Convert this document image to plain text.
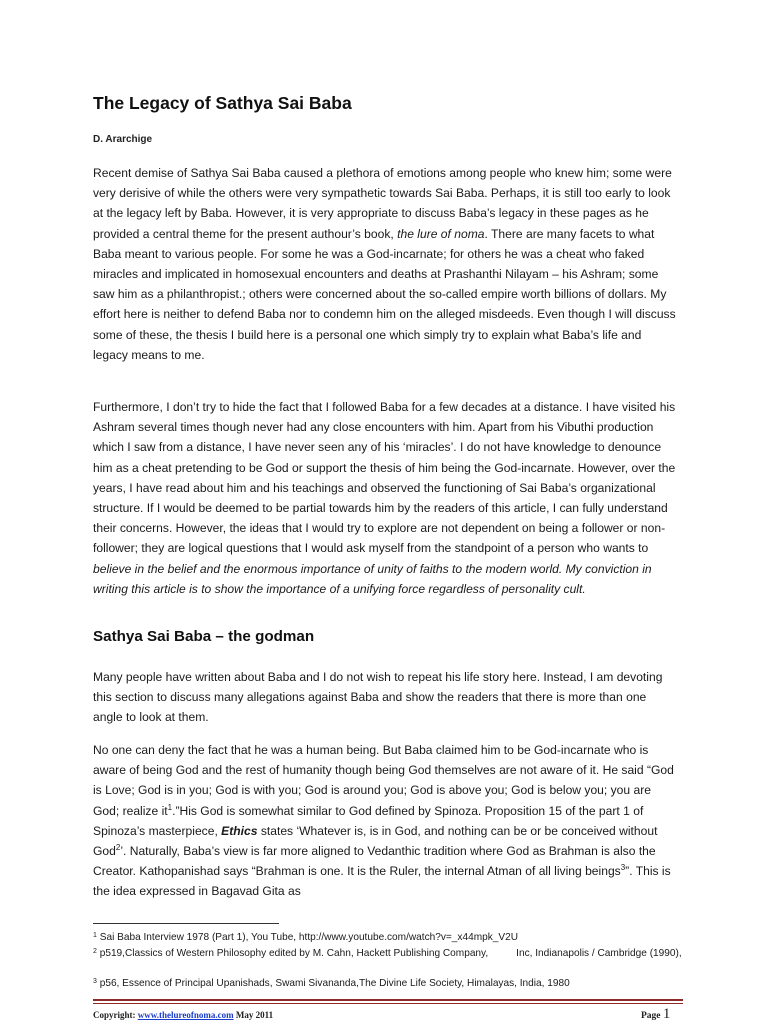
The Legacy of Sathya Sai Baba
D. Ararchige

Recent demise of Sathya Sai Baba caused a plethora of emotions among people who knew him; some were very derisive of while the others were very sympathetic towards Sai Baba. Perhaps, it is still too early to look at the legacy left by Baba. However, it is very appropriate to discuss Baba’s legacy in these pages as he provided a central theme for the present authour’s book, the lure of noma. There are many facets to what Baba meant to various people. For some he was a God-incarnate; for others he was a cheat who faked miracles and implicated in homosexual encounters and deaths at Prashanthi Nilayam – his Ashram; some saw him as a philanthropist.; others were concerned about the so-called empire worth billions of dollars. My effort here is neither to defend Baba nor to condemn him on the alleged misdeeds. Even though I will discuss some of these, the thesis I build here is a personal one which simply try to explain what Baba’s life and legacy means to me.

Furthermore, I don’t try to hide the fact that I followed Baba for a few decades at a distance. I have visited his Ashram several times though never had any close encounters with him. Apart from his Vibuthi production which I saw from a distance, I have never seen any of his ‘miracles’. I do not have knowledge to denounce him as a cheat pretending to be God or support the thesis of him being the God-incarnate. However, over the years, I have read about him and his teachings and observed the functioning of Sai Baba’s organizational structure. If I would be deemed to be partial towards him by the readers of this article, I can fully understand their concerns. However, the ideas that I would try to explore are not dependent on being a follower or non-follower; they are logical questions that I would ask myself from the standpoint of a person who wants to believe in the belief and the enormous importance of unity of faiths to the modern world. My conviction in writing this article is to show the importance of a unifying force regardless of personality cult.

Sathya Sai Baba – the godman

Many people have written about Baba and I do not wish to repeat his life story here. Instead, I am devoting this section to discuss many allegations against Baba and show the readers that there is more than one angle to look at them.

No one can deny the fact that he was a human being. But Baba claimed him to be God-incarnate who is aware of being God and the rest of humanity though being God themselves are not aware of it. He said “God is Love; God is in you; God is with you; God is around you; God is above you; God is below you; you are God; realize $it^1.”His$ God is somewhat similar to God defined by Spinoza. Proposition 15 of the part 1 of Spinoza’s masterpiece, Ethics states ‘Whatever is, is in God, and nothing can be or be conceived without God$^2$’. Naturally, Baba’s view is far more aligned to Vedanthic tradition where God as Brahman is also the Creator. Kathopanishad says “Brahman is one. It is the Ruler, the internal Atman of all living beings$^3$”. This is the idea expressed in Bagavad Gita as

$^1$ Sai Baba Interview 1978 (Part 1), You Tube, http://www.youtube.com/watch?v=_x44mpk_V2U
$^2$ p519,Classics of Western Philosophy edited by M. Cahn, Hackett Publishing Company,	Inc, Indianapolis / Cambridge (1990),
$^3$ p56, Essence of Principal Upanishads, Swami Sivananda,The Divine Life Society, Himalayas, India, 1980
Copyright: www.thelureofnoma.com May 2011	Page 1
